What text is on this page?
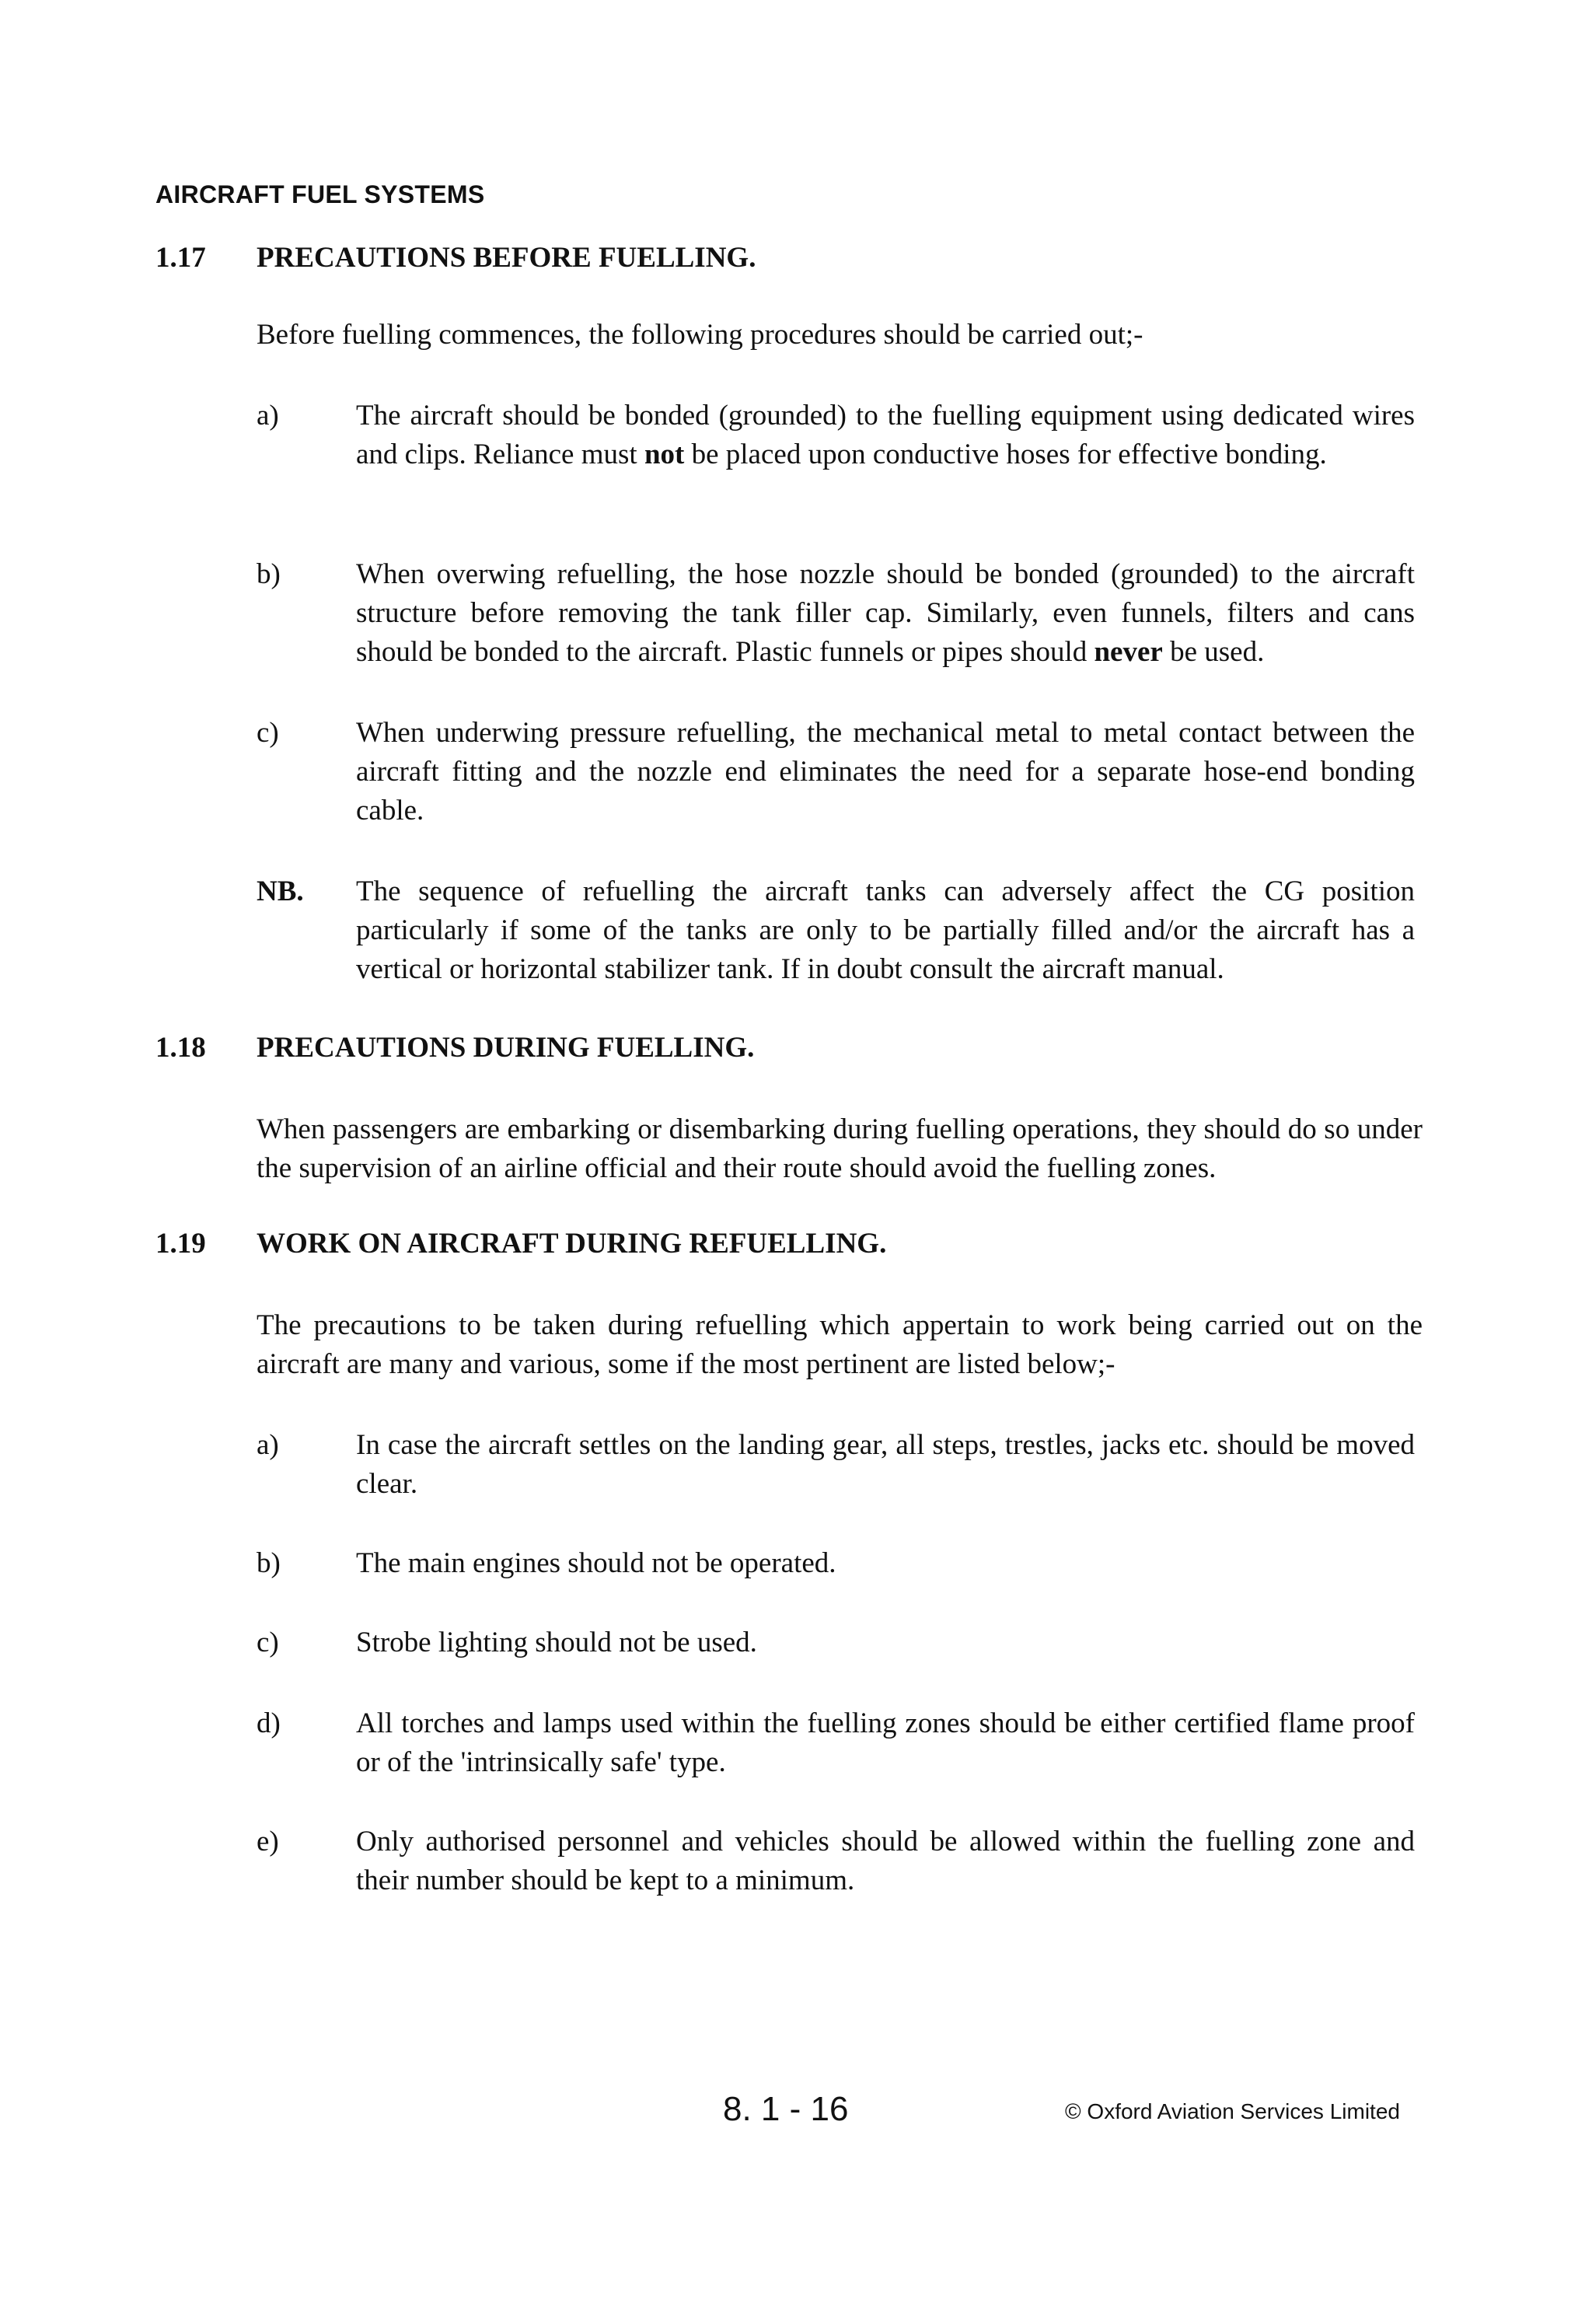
AIRCRAFT FUEL SYSTEMS
1.17 PRECAUTIONS BEFORE FUELLING.

Before fuelling commences, the following procedures should be carried out;-

a)	The aircraft should be bonded (grounded) to the fuelling equipment using dedicated wires and clips. Reliance must not be placed upon conductive hoses for effective bonding.

b)	When overwing refuelling, the hose nozzle should be bonded (grounded) to the aircraft structure before removing the tank filler cap. Similarly, even funnels, filters and cans should be bonded to the aircraft. Plastic funnels or pipes should never be used.

c)	When underwing pressure refuelling, the mechanical metal to metal contact between the aircraft fitting and the nozzle end eliminates the need for a separate hose-end bonding cable.

NB. The sequence of refuelling the aircraft tanks can adversely affect the CG position particularly if some of the tanks are only to be partially filled and/or the aircraft has a vertical or horizontal stabilizer tank. If in doubt consult the aircraft manual.

1.18 PRECAUTIONS DURING FUELLING.

When passengers are embarking or disembarking during fuelling operations, they should do so under the supervision of an airline official and their route should avoid the fuelling zones.

1.19 WORK ON AIRCRAFT DURING REFUELLING.

The precautions to be taken during refuelling which appertain to work being carried out on the aircraft are many and various, some if the most pertinent are listed below;-

a)	In case the aircraft settles on the landing gear, all steps, trestles, jacks etc. should be moved clear.

b)	The main engines should not be operated.

c)	Strobe lighting should not be used.

d)	All torches and lamps used within the fuelling zones should be either certified flame proof or of the 'intrinsically safe' type.

e)	Only authorised personnel and vehicles should be allowed within the fuelling zone and their number should be kept to a minimum.

8. 1 - 16	© Oxford Aviation Services Limited
